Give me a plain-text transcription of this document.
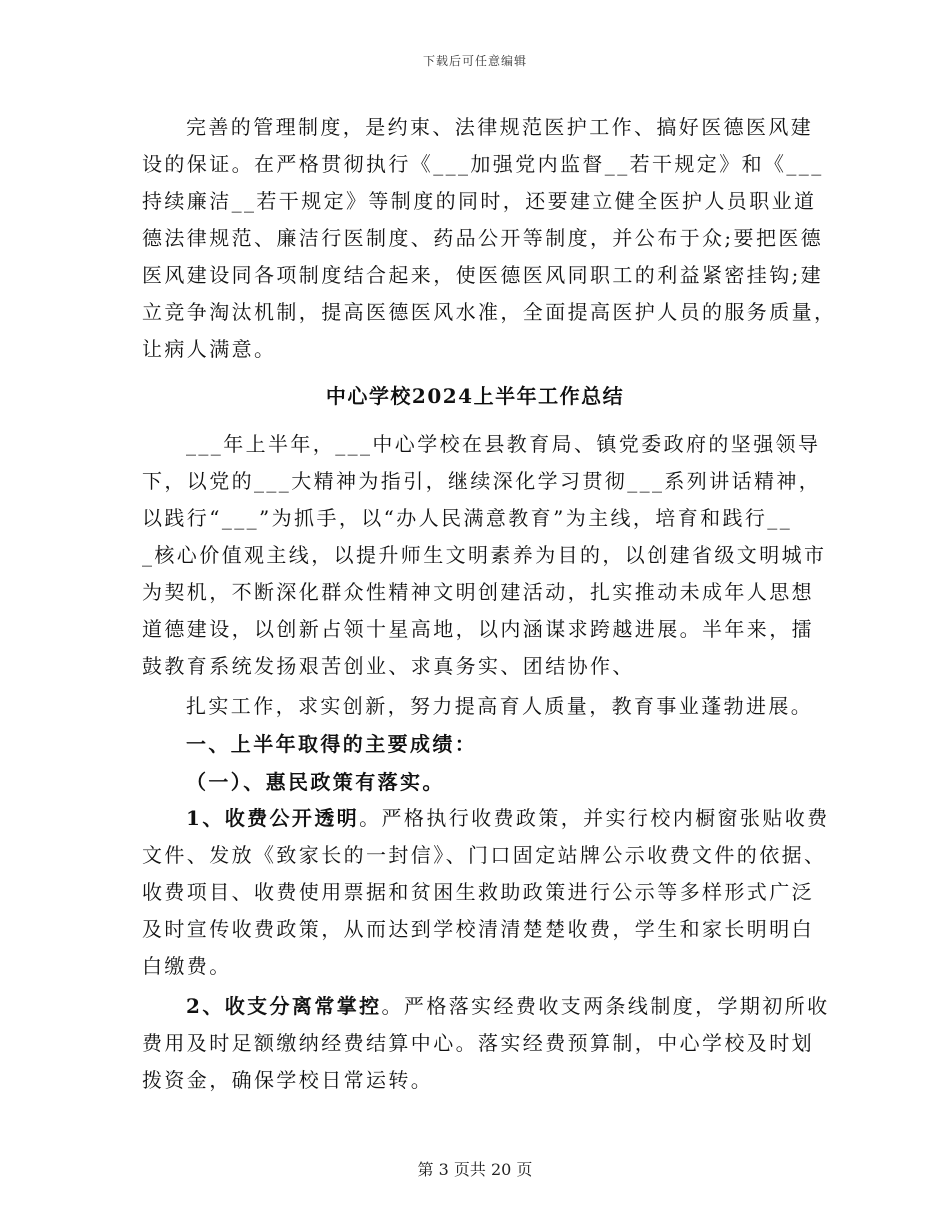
下载后可任意编辑
完善的管理制度，是约束、法律规范医护工作、搞好医德医风建
设的保证。在严格贯彻执行《___加强党内监督__若干规定》和《___
持续廉洁__若干规定》等制度的同时，还要建立健全医护人员职业道
德法律规范、廉洁行医制度、药品公开等制度，并公布于众;要把医德
医风建设同各项制度结合起来，使医德医风同职工的利益紧密挂钩;建
立竞争淘汰机制，提高医德医风水准，全面提高医护人员的服务质量，
让病人满意。
中心学校2024上半年工作总结
___年上半年，___中心学校在县教育局、镇党委政府的坚强领导
下，以党的___大精神为指引，继续深化学习贯彻___系列讲话精神，
以践行“___”为抓手，以“办人民满意教育”为主线，培育和践行__
_核心价值观主线，以提升师生文明素养为目的，以创建省级文明城市
为契机，不断深化群众性精神文明创建活动，扎实推动未成年人思想
道德建设，以创新占领十星高地，以内涵谋求跨越进展。半年来，擂
鼓教育系统发扬艰苦创业、求真务实、团结协作、
扎实工作，求实创新，努力提高育人质量，教育事业蓬勃进展。
一、上半年取得的主要成绩：
（一）、惠民政策有落实。
1、收费公开透明。严格执行收费政策，并实行校内橱窗张贴收费
文件、发放《致家长的一封信》、门口固定站牌公示收费文件的依据、
收费项目、收费使用票据和贫困生救助政策进行公示等多样形式广泛
及时宣传收费政策，从而达到学校清清楚楚收费，学生和家长明明白
白缴费。
2、收支分离常掌控。严格落实经费收支两条线制度，学期初所收
费用及时足额缴纳经费结算中心。落实经费预算制，中心学校及时划
拨资金，确保学校日常运转。
第 3 页共 20 页
